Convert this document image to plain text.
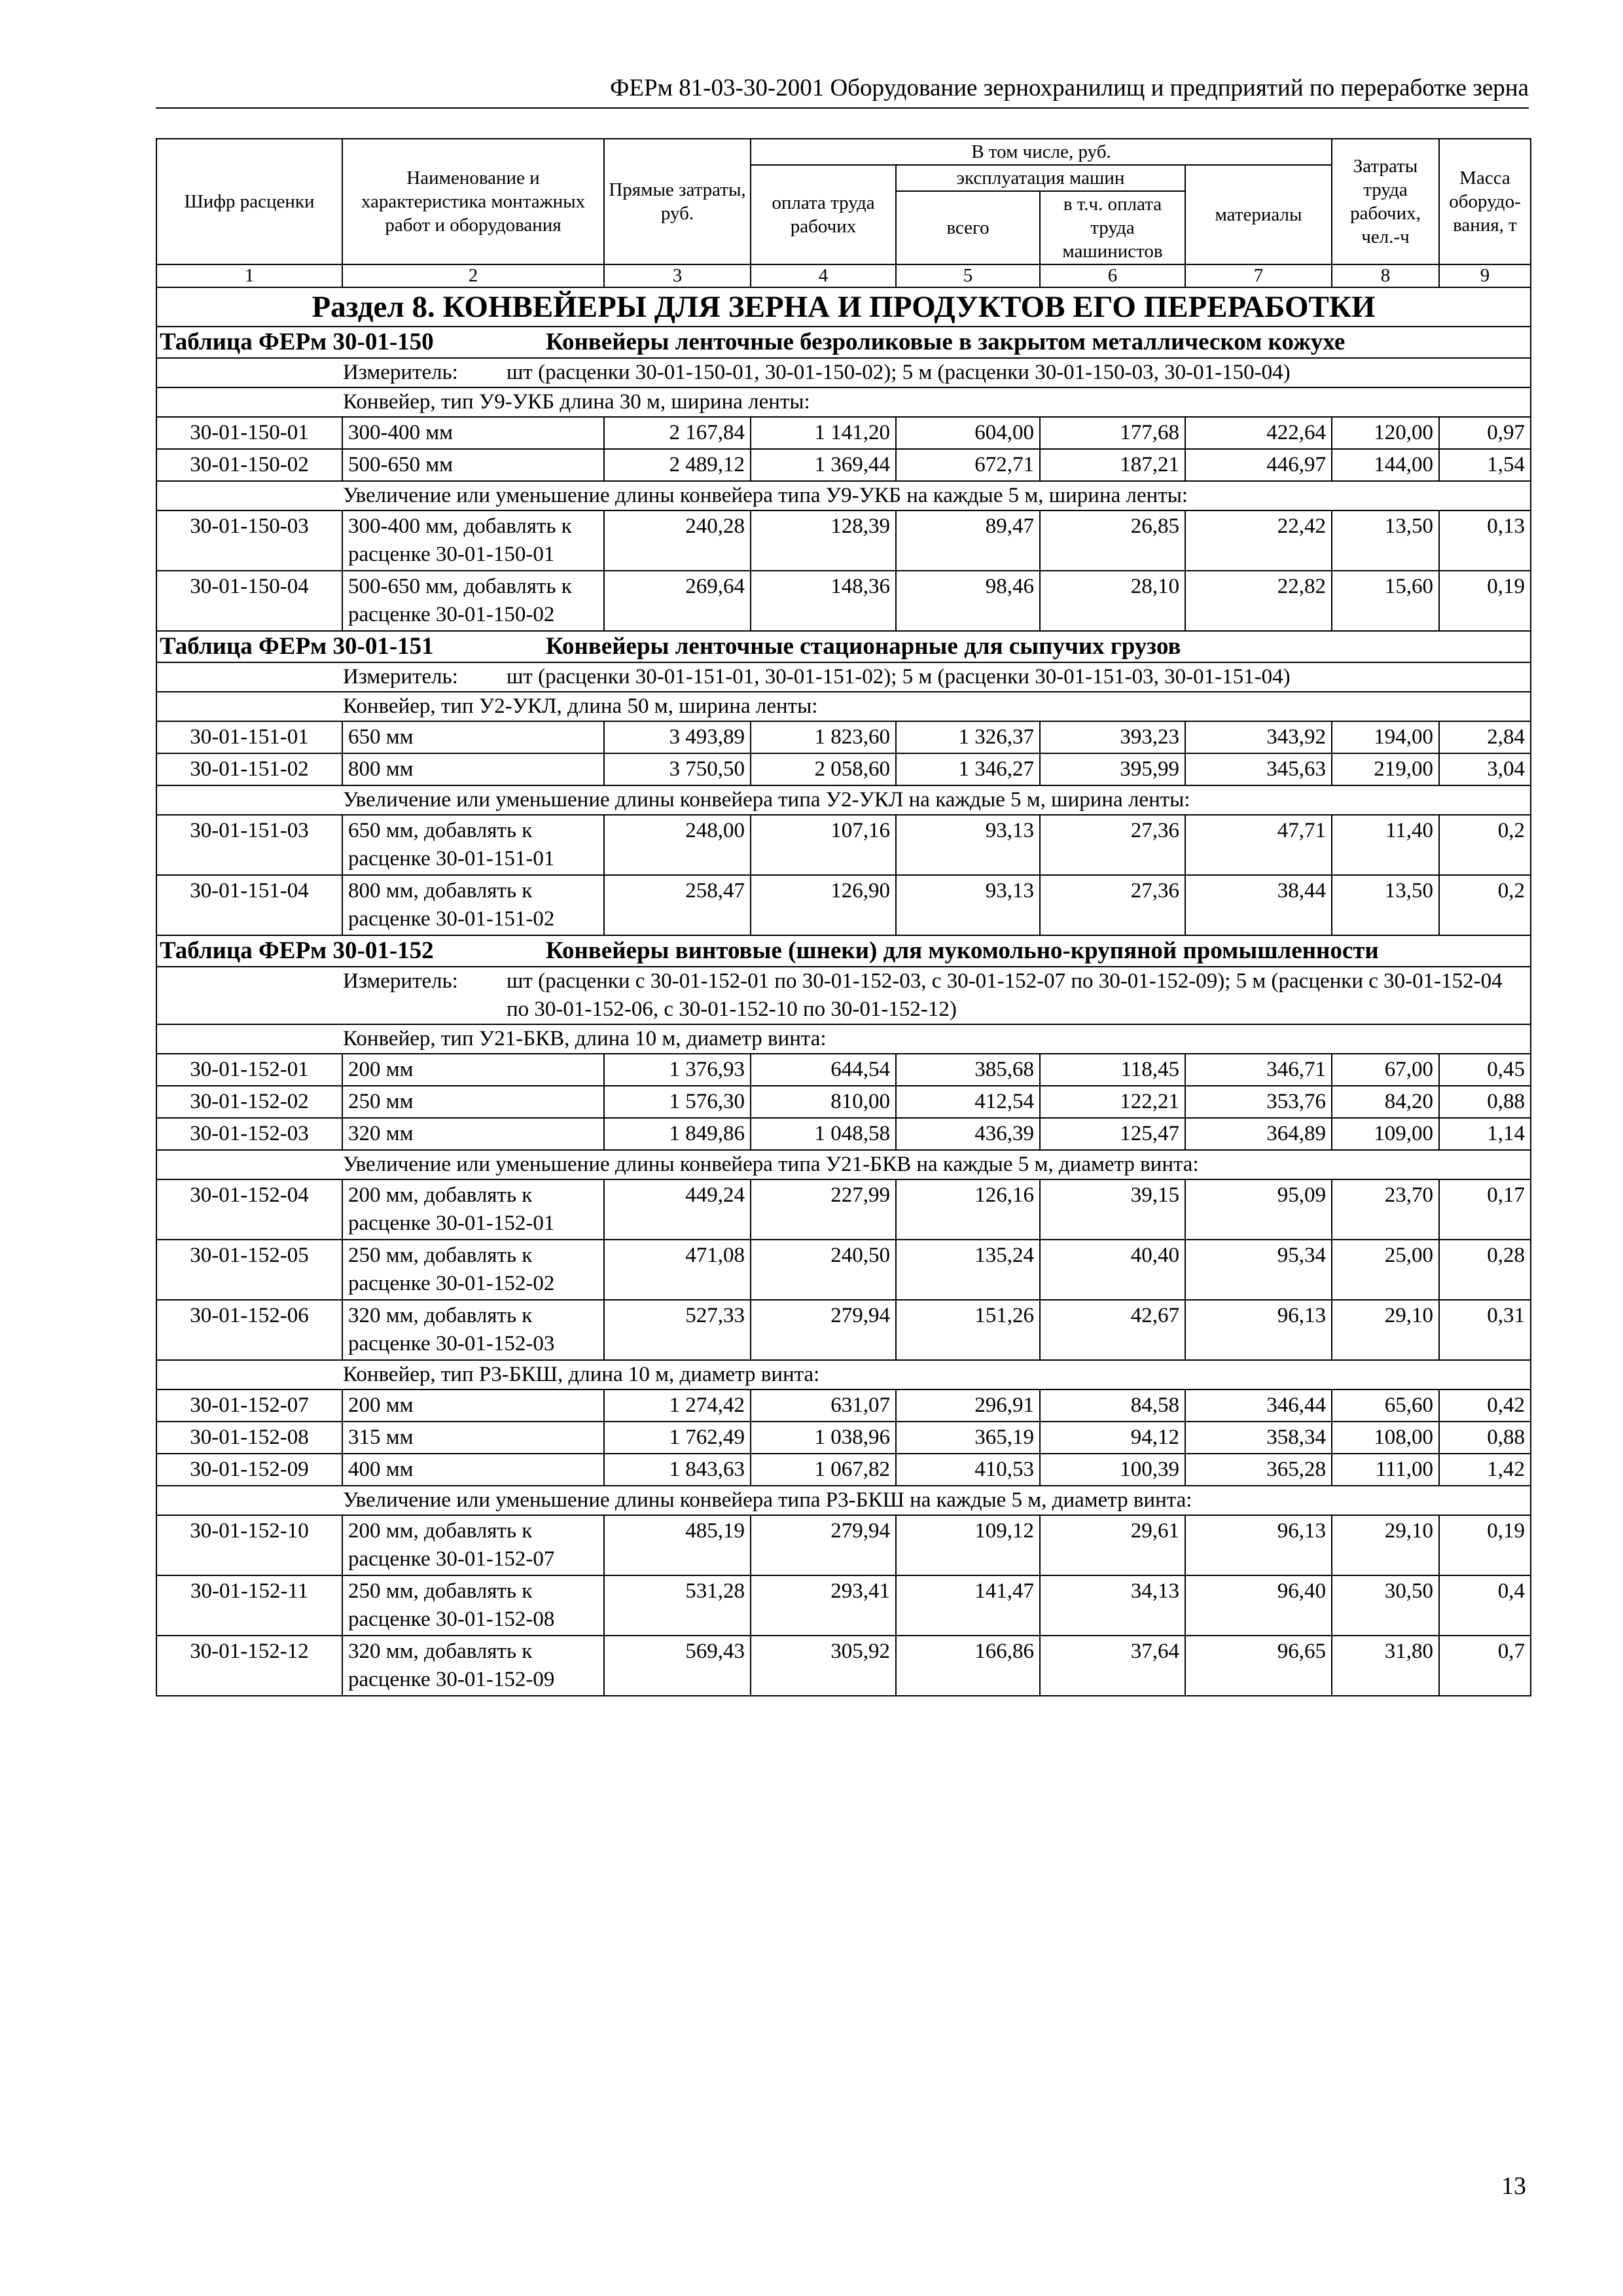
ФЕРм 81-03-30-2001 Оборудование зернохранилищ и предприятий по переработке зерна
Шифр расценки	Наименование и характеристика монтажных работ и оборудования	Прямые затраты, руб.	В том числе, руб.				Затраты труда рабочих, чел.-ч	Масса оборудо-вания, т
			оплата труда рабочих	эксплуатация машин		материалы		
				всего	в т.ч. оплата труда машинистов			

1	2	3	4	5	6	7	8	9
Раздел 8. КОНВЕЙЕРЫ ДЛЯ ЗЕРНА И ПРОДУКТОВ ЕГО ПЕРЕРАБОТКИ								
Таблица ФЕРм 30-01-150 Конвейеры ленточные безроликовые в закрытом металлическом кожухе								
Измеритель: шт (расценки 30-01-150-01, 30-01-150-02); 5 м (расценки 30-01-150-03, 30-01-150-04)								
Конвейер, тип У9-УКБ длина 30 м, ширина ленты:								
30-01-150-01	300-400 мм	2 167,84	1 141,20	604,00	177,68	422,64	120,00	0,97
30-01-150-02	500-650 мм	2 489,12	1 369,44	672,71	187,21	446,97	144,00	1,54
Увеличение или уменьшение длины конвейера типа У9-УКБ на каждые 5 м, ширина ленты:								
30-01-150-03	300-400 мм, добавлять к расценке 30-01-150-01	240,28	128,39	89,47	26,85	22,42	13,50	0,13
30-01-150-04	500-650 мм, добавлять к расценке 30-01-150-02	269,64	148,36	98,46	28,10	22,82	15,60	0,19
Таблица ФЕРм 30-01-151 Конвейеры ленточные стационарные для сыпучих грузов								
Измеритель: шт (расценки 30-01-151-01, 30-01-151-02); 5 м (расценки 30-01-151-03, 30-01-151-04)								
Конвейер, тип У2-УКЛ, длина 50 м, ширина ленты:								
30-01-151-01	650 мм	3 493,89	1 823,60	1 326,37	393,23	343,92	194,00	2,84
30-01-151-02	800 мм	3 750,50	2 058,60	1 346,27	395,99	345,63	219,00	3,04
Увеличение или уменьшение длины конвейера типа У2-УКЛ на каждые 5 м, ширина ленты:								
30-01-151-03	650 мм, добавлять к расценке 30-01-151-01	248,00	107,16	93,13	27,36	47,71	11,40	0,2
30-01-151-04	800 мм, добавлять к расценке 30-01-151-02	258,47	126,90	93,13	27,36	38,44	13,50	0,2
Таблица ФЕРм 30-01-152 Конвейеры винтовые (шнеки) для мукомольно-крупяной промышленности								
Измеритель: шт (расценки с 30-01-152-01 по 30-01-152-03, с 30-01-152-07 по 30-01-152-09); 5 м (расценки с 30-01-152-04 по 30-01-152-06, с 30-01-152-10 по 30-01-152-12)								
Конвейер, тип У21-БКВ, длина 10 м, диаметр винта:								
30-01-152-01	200 мм	1 376,93	644,54	385,68	118,45	346,71	67,00	0,45
30-01-152-02	250 мм	1 576,30	810,00	412,54	122,21	353,76	84,20	0,88
30-01-152-03	320 мм	1 849,86	1 048,58	436,39	125,47	364,89	109,00	1,14
Увеличение или уменьшение длины конвейера типа У21-БКВ на каждые 5 м, диаметр винта:								
30-01-152-04	200 мм, добавлять к расценке 30-01-152-01	449,24	227,99	126,16	39,15	95,09	23,70	0,17
30-01-152-05	250 мм, добавлять к расценке 30-01-152-02	471,08	240,50	135,24	40,40	95,34	25,00	0,28
30-01-152-06	320 мм, добавлять к расценке 30-01-152-03	527,33	279,94	151,26	42,67	96,13	29,10	0,31
Конвейер, тип Р3-БКШ, длина 10 м, диаметр винта:								
30-01-152-07	200 мм	1 274,42	631,07	296,91	84,58	346,44	65,60	0,42
30-01-152-08	315 мм	1 762,49	1 038,96	365,19	94,12	358,34	108,00	0,88
30-01-152-09	400 мм	1 843,63	1 067,82	410,53	100,39	365,28	111,00	1,42
Увеличение или уменьшение длины конвейера типа Р3-БКШ на каждые 5 м, диаметр винта:								
30-01-152-10	200 мм, добавлять к расценке 30-01-152-07	485,19	279,94	109,12	29,61	96,13	29,10	0,19
30-01-152-11	250 мм, добавлять к расценке 30-01-152-08	531,28	293,41	141,47	34,13	96,40	30,50	0,4
30-01-152-12	320 мм, добавлять к расценке 30-01-152-09	569,43	305,92	166,86	37,64	96,65	31,80	0,7
13
